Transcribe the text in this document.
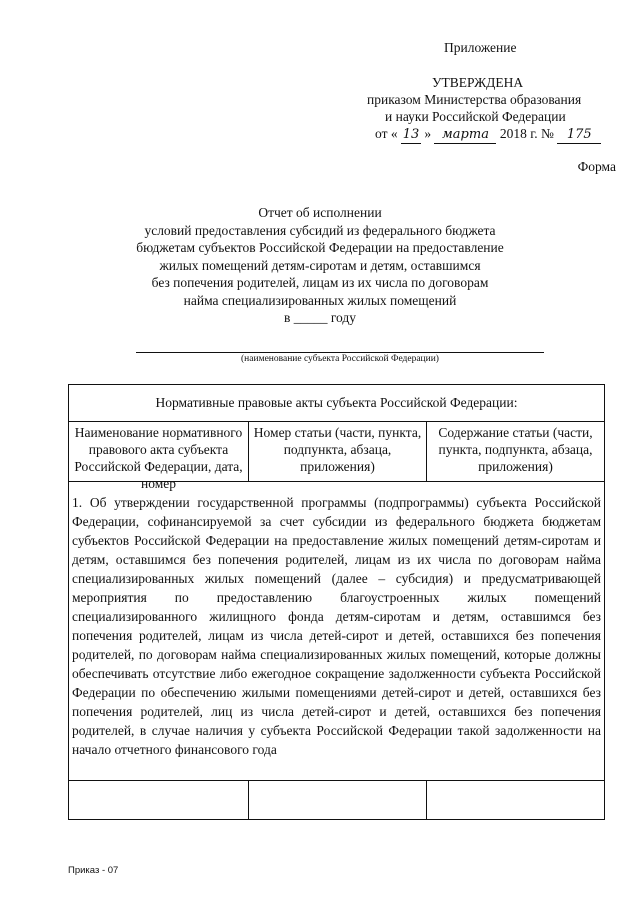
Приложение
УТВЕРЖДЕНА
приказом Министерства образования
и науки Российской Федерации
от « 13 » марта 2018 г. № 175
Форма
Отчет об исполнении
условий предоставления субсидий из федерального бюджета
бюджетам субъектов Российской Федерации на предоставление
жилых помещений детям-сиротам и детям, оставшимся
без попечения родителей, лицам из их числа по договорам
найма специализированных жилых помещений
в _____ году
(наименование субъекта Российской Федерации)
Нормативные правовые акты субъекта Российской Федерации:
Наименование нормативного правового акта субъекта Российской Федерации, дата, номер
Номер статьи (части, пункта, подпункта, абзаца, приложения)
Содержание статьи (части, пункта, подпункта, абзаца, приложения)
1. Об утверждении государственной программы (подпрограммы) субъекта Российской Федерации, софинансируемой за счет субсидии из федерального бюджета бюджетам субъектов Российской Федерации на предоставление жилых помещений детям-сиротам и детям, оставшимся без попечения родителей, лицам из их числа по договорам найма специализированных жилых помещений (далее – субсидия) и предусматривающей мероприятия по предоставлению благоустроенных жилых помещений специализированного жилищного фонда детям-сиротам и детям, оставшимся без попечения родителей, лицам из числа детей-сирот и детей, оставшихся без попечения родителей, по договорам найма специализированных жилых помещений, которые должны обеспечивать отсутствие либо ежегодное сокращение задолженности субъекта Российской Федерации по обеспечению жилыми помещениями детей-сирот и детей, оставшихся без попечения родителей, лиц из числа детей-сирот и детей, оставшихся без попечения родителей, в случае наличия у субъекта Российской Федерации такой задолженности на начало отчетного финансового года
Приказ - 07
